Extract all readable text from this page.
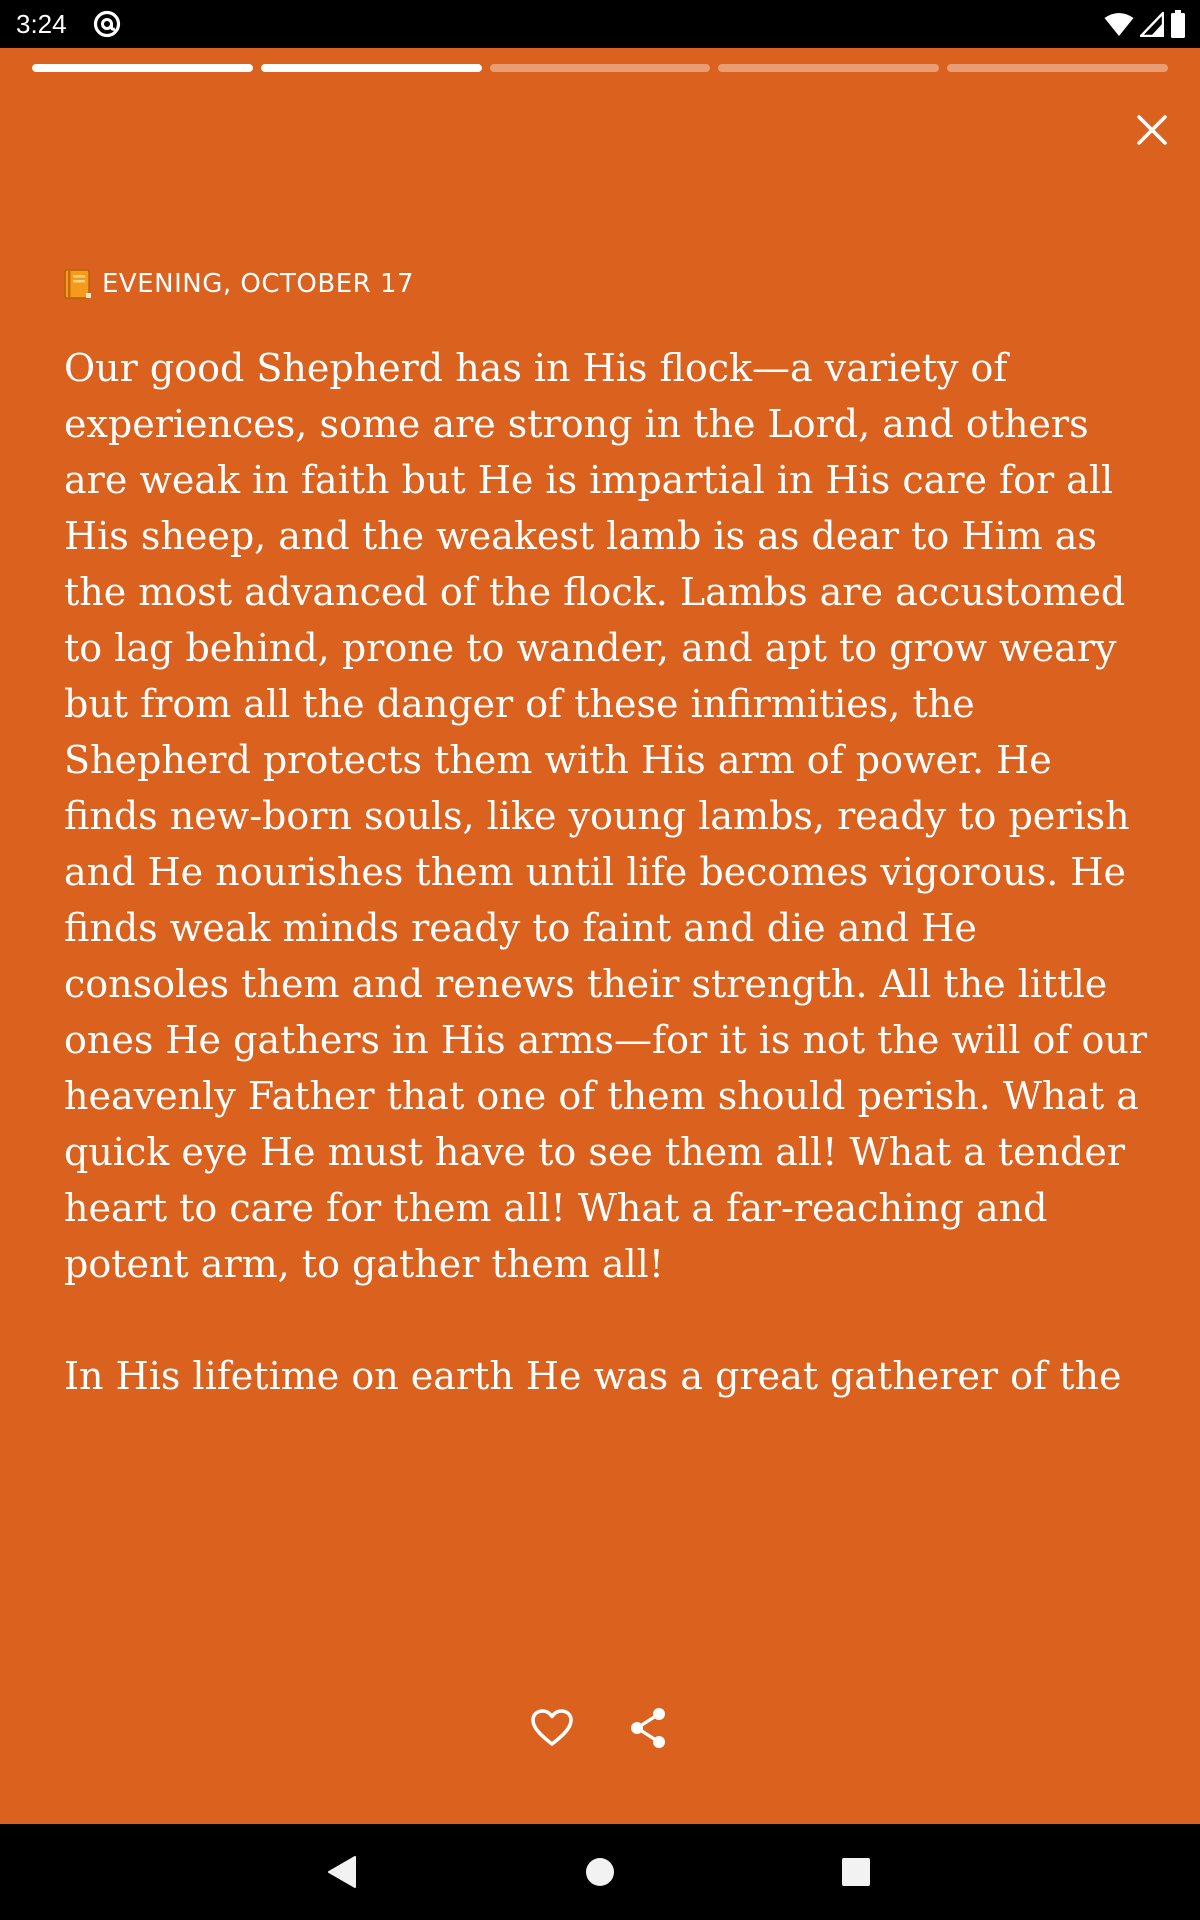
3:24
EVENING, OCTOBER 17

Our good Shepherd has in His flock—a variety of experiences, some are strong in the Lord, and others are weak in faith but He is impartial in His care for all His sheep, and the weakest lamb is as dear to Him as the most advanced of the flock. Lambs are accustomed to lag behind, prone to wander, and apt to grow weary but from all the danger of these infirmities, the Shepherd protects them with His arm of power. He finds new-born souls, like young lambs, ready to perish and He nourishes them until life becomes vigorous. He finds weak minds ready to faint and die and He consoles them and renews their strength. All the little ones He gathers in His arms—for it is not the will of our heavenly Father that one of them should perish. What a quick eye He must have to see them all! What a tender heart to care for them all! What a far-reaching and potent arm, to gather them all!

In His lifetime on earth He was a great gatherer of the
